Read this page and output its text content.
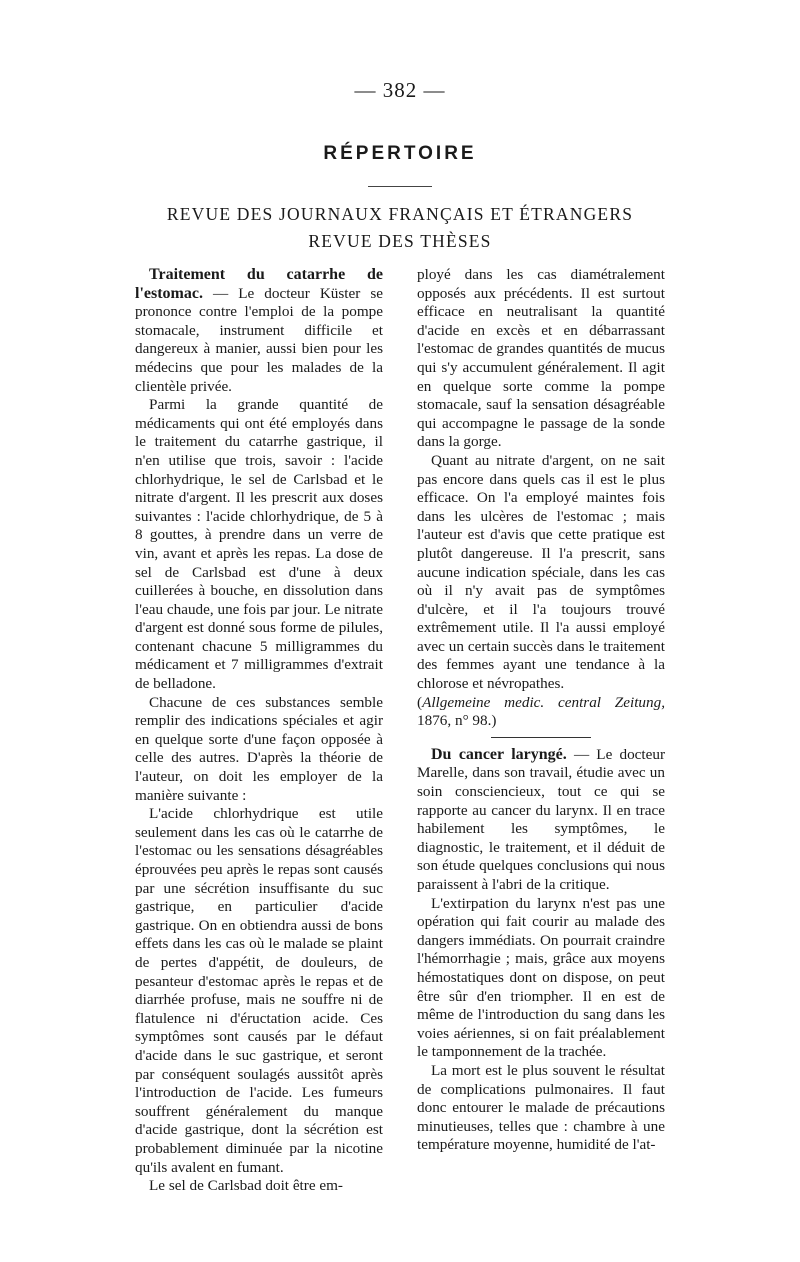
— 382 —
RÉPERTOIRE
REVUE DES JOURNAUX FRANÇAIS ET ÉTRANGERS
REVUE DES THÈSES

Traitement du catarrhe de l'estomac. — Le docteur Küster se prononce contre l'emploi de la pompe stomacale, instrument difficile et dangereux à manier, aussi bien pour les médecins que pour les malades de la clientèle privée.

Parmi la grande quantité de médicaments qui ont été employés dans le traitement du catarrhe gastrique, il n'en utilise que trois, savoir : l'acide chlorhydrique, le sel de Carlsbad et le nitrate d'argent. Il les prescrit aux doses suivantes : l'acide chlorhydrique, de 5 à 8 gouttes, à prendre dans un verre de vin, avant et après les repas. La dose de sel de Carlsbad est d'une à deux cuillerées à bouche, en dissolution dans l'eau chaude, une fois par jour. Le nitrate d'argent est donné sous forme de pilules, contenant chacune 5 milligrammes du médicament et 7 milligrammes d'extrait de belladone.

Chacune de ces substances semble remplir des indications spéciales et agir en quelque sorte d'une façon opposée à celle des autres. D'après la théorie de l'auteur, on doit les employer de la manière suivante :

L'acide chlorhydrique est utile seulement dans les cas où le catarrhe de l'estomac ou les sensations désagréables éprouvées peu après le repas sont causés par une sécrétion insuffisante du suc gastrique, en particulier d'acide gastrique. On en obtiendra aussi de bons effets dans les cas où le malade se plaint de pertes d'appétit, de douleurs, de pesanteur d'estomac après le repas et de diarrhée profuse, mais ne souffre ni de flatulence ni d'éructation acide. Ces symptômes sont causés par le défaut d'acide dans le suc gastrique, et seront par conséquent soulagés aussitôt après l'introduction de l'acide. Les fumeurs souffrent généralement du manque d'acide gastrique, dont la sécrétion est probablement diminuée par la nicotine qu'ils avalent en fumant.

Le sel de Carlsbad doit être em-

ployé dans les cas diamétralement opposés aux précédents. Il est surtout efficace en neutralisant la quantité d'acide en excès et en débarrassant l'estomac de grandes quantités de mucus qui s'y accumulent généralement. Il agit en quelque sorte comme la pompe stomacale, sauf la sensation désagréable qui accompagne le passage de la sonde dans la gorge.

Quant au nitrate d'argent, on ne sait pas encore dans quels cas il est le plus efficace. On l'a employé maintes fois dans les ulcères de l'estomac ; mais l'auteur est d'avis que cette pratique est plutôt dangereuse. Il l'a prescrit, sans aucune indication spéciale, dans les cas où il n'y avait pas de symptômes d'ulcère, et il l'a toujours trouvé extrêmement utile. Il l'a aussi employé avec un certain succès dans le traitement des femmes ayant une tendance à la chlorose et névropathes.

(Allgemeine medic. central Zeitung, 1876, n° 98.)

Du cancer laryngé. — Le docteur Marelle, dans son travail, étudie avec un soin consciencieux, tout ce qui se rapporte au cancer du larynx. Il en trace habilement les symptômes, le diagnostic, le traitement, et il déduit de son étude quelques conclusions qui nous paraissent à l'abri de la critique.

L'extirpation du larynx n'est pas une opération qui fait courir au malade des dangers immédiats. On pourrait craindre l'hémorrhagie ; mais, grâce aux moyens hémostatiques dont on dispose, on peut être sûr d'en triompher. Il en est de même de l'introduction du sang dans les voies aériennes, si on fait préalablement le tamponnement de la trachée.

La mort est le plus souvent le résultat de complications pulmonaires. Il faut donc entourer le malade de précautions minutieuses, telles que : chambre à une température moyenne, humidité de l'at-
